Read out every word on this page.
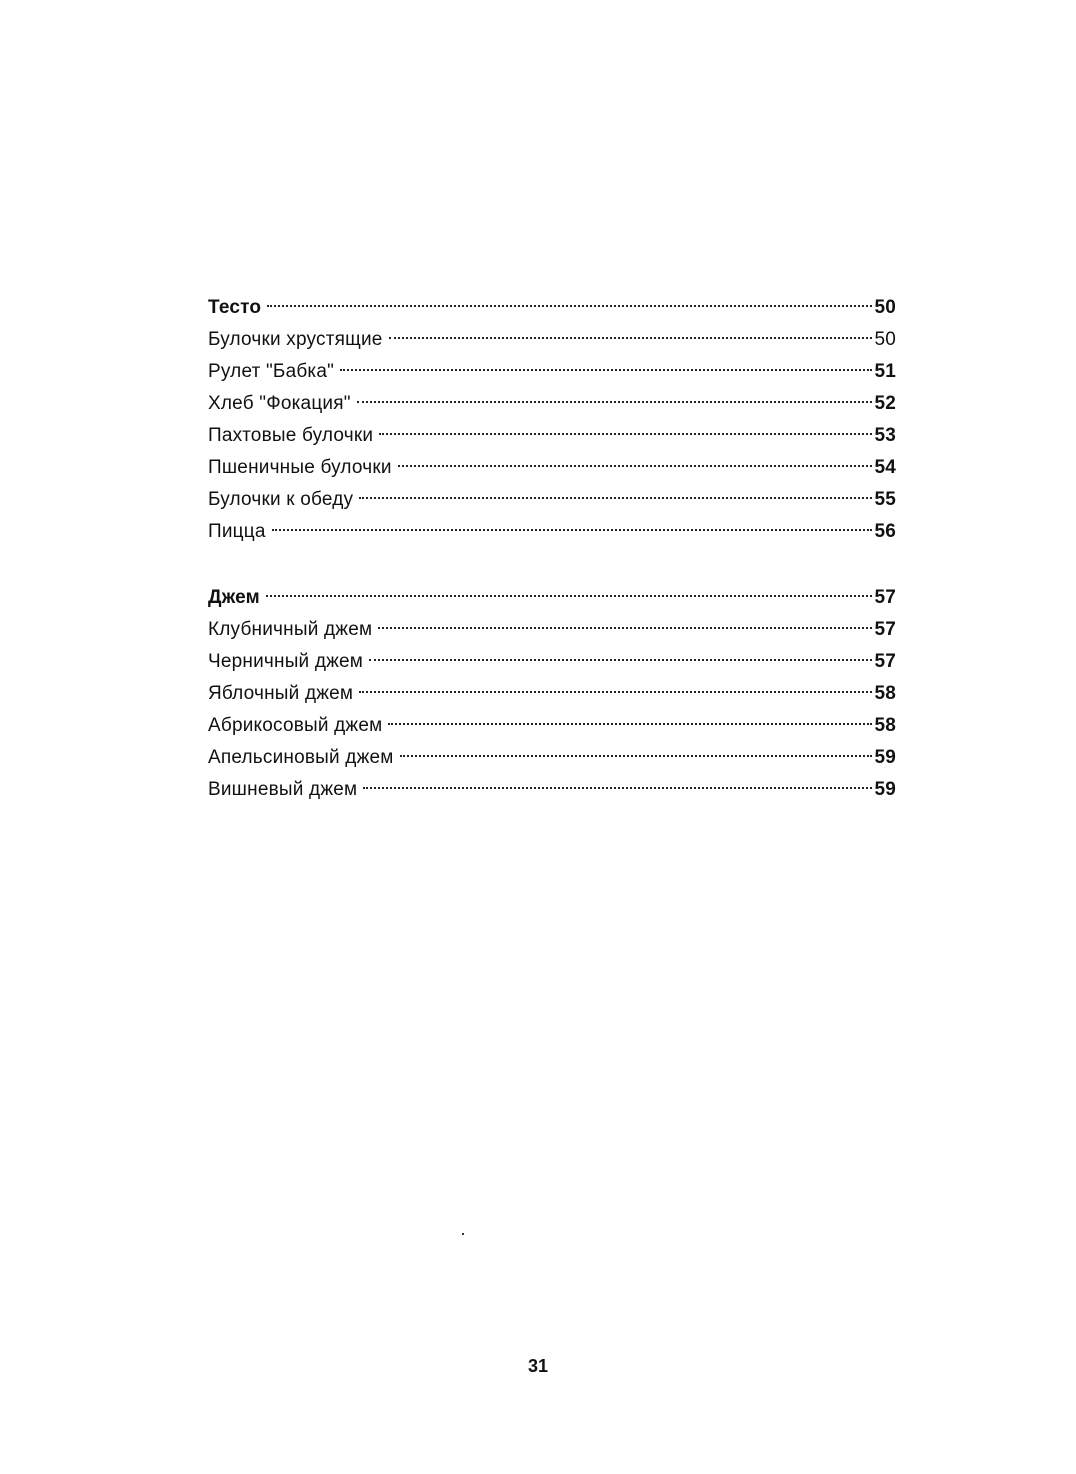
Тесто	50
Булочки хрустящие	50
Рулет "Бабка"	51
Хлеб "Фокация"	52
Пахтовые булочки	53
Пшеничные булочки	54
Булочки к обеду	55
Пицца	56
Джем	57
Клубничный джем	57
Черничный джем	57
Яблочный джем	58
Абрикосовый джем	58
Апельсиновый джем	59
Вишневый джем	59
31
